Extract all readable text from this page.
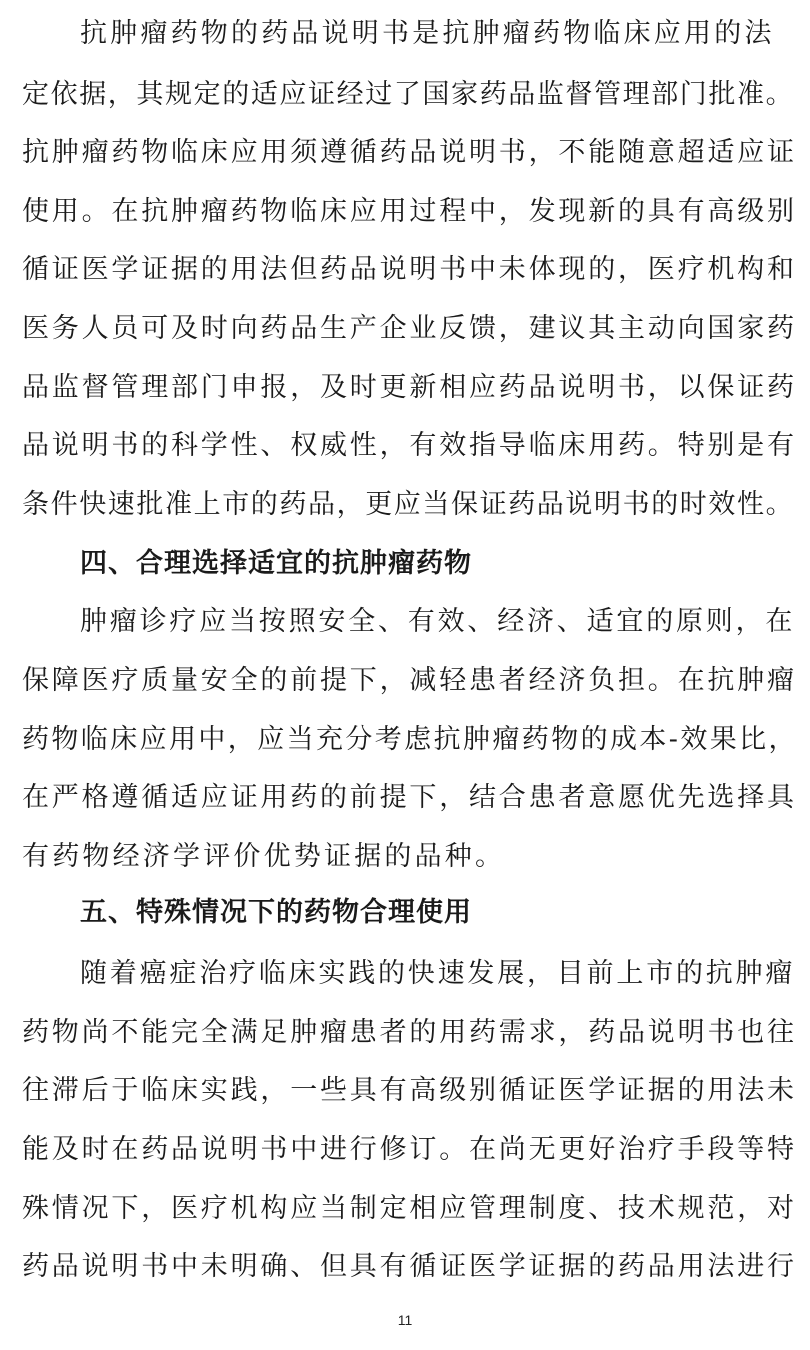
抗肿瘤药物的药品说明书是抗肿瘤药物临床应用的法
定依据，其规定的适应证经过了国家药品监督管理部门批准。
抗肿瘤药物临床应用须遵循药品说明书，不能随意超适应证
使用。在抗肿瘤药物临床应用过程中，发现新的具有高级别
循证医学证据的用法但药品说明书中未体现的，医疗机构和
医务人员可及时向药品生产企业反馈，建议其主动向国家药
品监督管理部门申报，及时更新相应药品说明书，以保证药
品说明书的科学性、权威性，有效指导临床用药。特别是有
条件快速批准上市的药品，更应当保证药品说明书的时效性。
四、合理选择适宜的抗肿瘤药物
肿瘤诊疗应当按照安全、有效、经济、适宜的原则，在
保障医疗质量安全的前提下，减轻患者经济负担。在抗肿瘤
药物临床应用中，应当充分考虑抗肿瘤药物的成本-效果比，
在严格遵循适应证用药的前提下，结合患者意愿优先选择具
有药物经济学评价优势证据的品种。
五、特殊情况下的药物合理使用
随着癌症治疗临床实践的快速发展，目前上市的抗肿瘤
药物尚不能完全满足肿瘤患者的用药需求，药品说明书也往
往滞后于临床实践，一些具有高级别循证医学证据的用法未
能及时在药品说明书中进行修订。在尚无更好治疗手段等特
殊情况下，医疗机构应当制定相应管理制度、技术规范，对
药品说明书中未明确、但具有循证医学证据的药品用法进行
11
